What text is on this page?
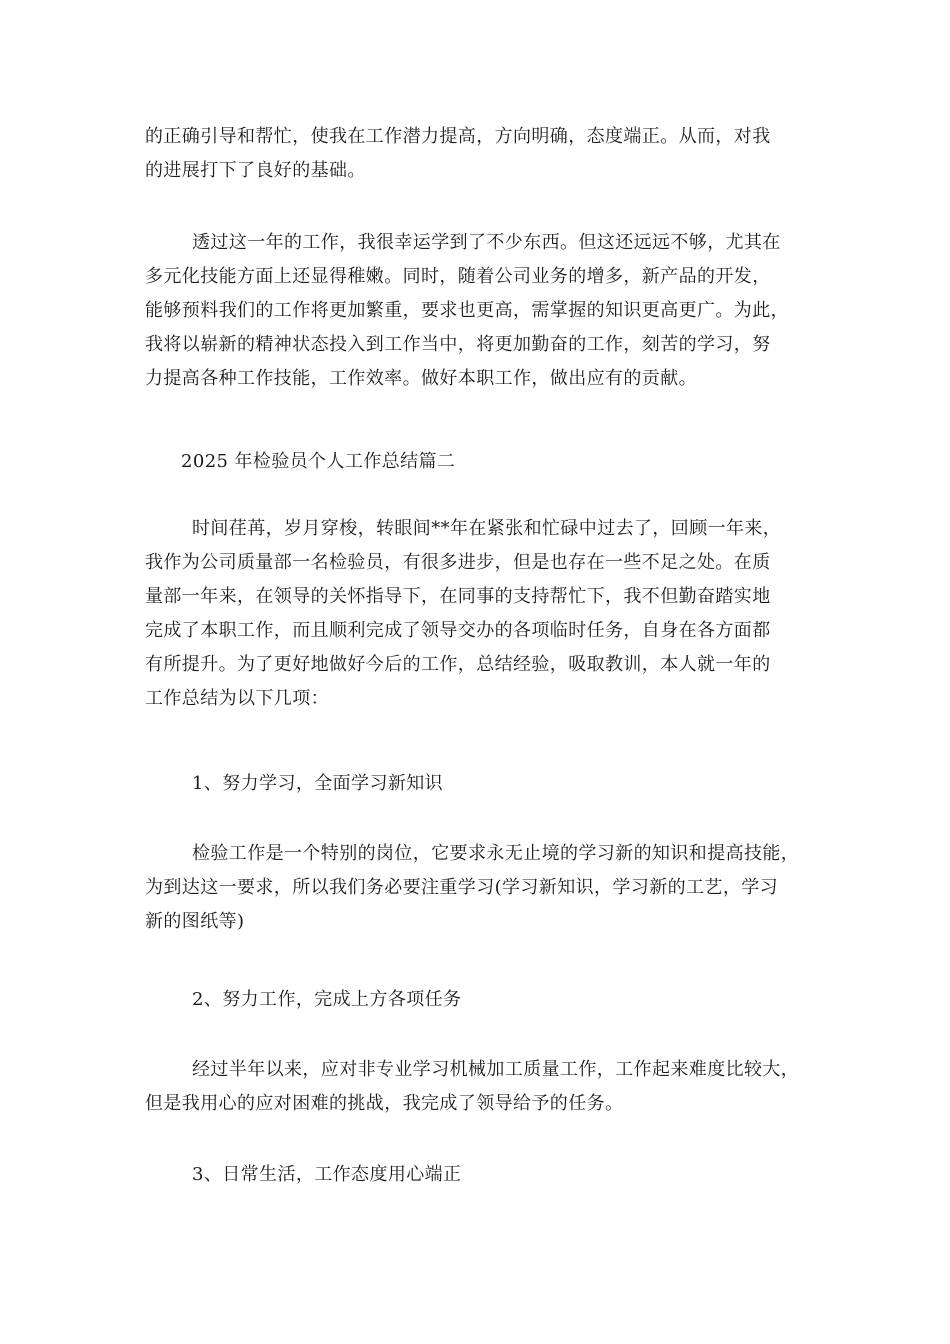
的正确引导和帮忙，使我在工作潜力提高，方向明确，态度端正。从而，对我
的进展打下了良好的基础。
透过这一年的工作，我很幸运学到了不少东西。但这还远远不够，尤其在
多元化技能方面上还显得稚嫩。同时，随着公司业务的增多，新产品的开发，
能够预料我们的工作将更加繁重，要求也更高，需掌握的知识更高更广。为此，
我将以崭新的精神状态投入到工作当中，将更加勤奋的工作，刻苦的学习，努
力提高各种工作技能，工作效率。做好本职工作，做出应有的贡献。
2025 年检验员个人工作总结篇二
时间荏苒，岁月穿梭，转眼间**年在紧张和忙碌中过去了，回顾一年来，
我作为公司质量部一名检验员，有很多进步，但是也存在一些不足之处。在质
量部一年来，在领导的关怀指导下，在同事的支持帮忙下，我不但勤奋踏实地
完成了本职工作，而且顺利完成了领导交办的各项临时任务，自身在各方面都
有所提升。为了更好地做好今后的工作，总结经验，吸取教训，本人就一年的
工作总结为以下几项：
1、努力学习，全面学习新知识
检验工作是一个特别的岗位，它要求永无止境的学习新的知识和提高技能，
为到达这一要求，所以我们务必要注重学习(学习新知识，学习新的工艺，学习
新的图纸等)
2、努力工作，完成上方各项任务
经过半年以来，应对非专业学习机械加工质量工作，工作起来难度比较大，
但是我用心的应对困难的挑战，我完成了领导给予的任务。
3、日常生活，工作态度用心端正
